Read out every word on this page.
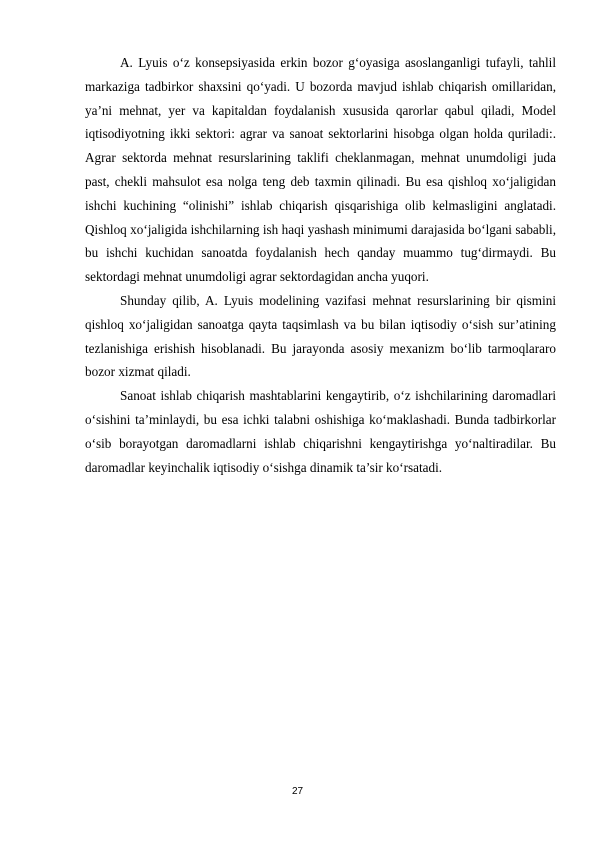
A. Lyuis o‘z konsepsiyasida erkin bozor g‘oyasiga asoslanganligi tufayli, tahlil markaziga tadbirkor shaxsini qo‘yadi. U bozorda mavjud ishlab chiqarish omillaridan, ya’ni mehnat, yer va kapitaldan foydalanish xususida qarorlar qabul qiladi, Model iqtisodiyotning ikki sektori: agrar va sanoat sektorlarini hisobga olgan holda quriladi:. Agrar sektorda mehnat resurslarining taklifi cheklanmagan, mehnat unumdoligi juda past, chekli mahsulot esa nolga teng deb taxmin qilinadi. Bu esa qishloq xo‘jaligidan ishchi kuchining “olinishi” ishlab chiqarish qisqarishiga olib kelmasligini anglatadi. Qishloq xo‘jaligida ishchilarning ish haqi yashash minimumi darajasida bo‘lgani sababli, bu ishchi kuchidan sanoatda foydalanish hech qanday muammo tug‘dirmaydi. Bu sektordagi mehnat unumdoligi agrar sektordagidan ancha yuqori.

Shunday qilib, A. Lyuis modelining vazifasi mehnat resurslarining bir qismini qishloq xo‘jaligidan sanoatga qayta taqsimlash va bu bilan iqtisodiy o‘sish sur’atining tezlanishiga erishish hisoblanadi. Bu jarayonda asosiy mexanizm bo‘lib tarmoqlararo bozor xizmat qiladi.

Sanoat ishlab chiqarish mashtablarini kengaytirib, o‘z ishchilarining daromadlari o‘sishini ta’minlaydi, bu esa ichki talabni oshishiga ko‘maklashadi. Bunda tadbirkorlar o‘sib borayotgan daromadlarni ishlab chiqarishni kengaytirishga yo‘naltiradilar. Bu daromadlar keyinchalik iqtisodiy o‘sishga dinamik ta’sir ko‘rsatadi.

27
